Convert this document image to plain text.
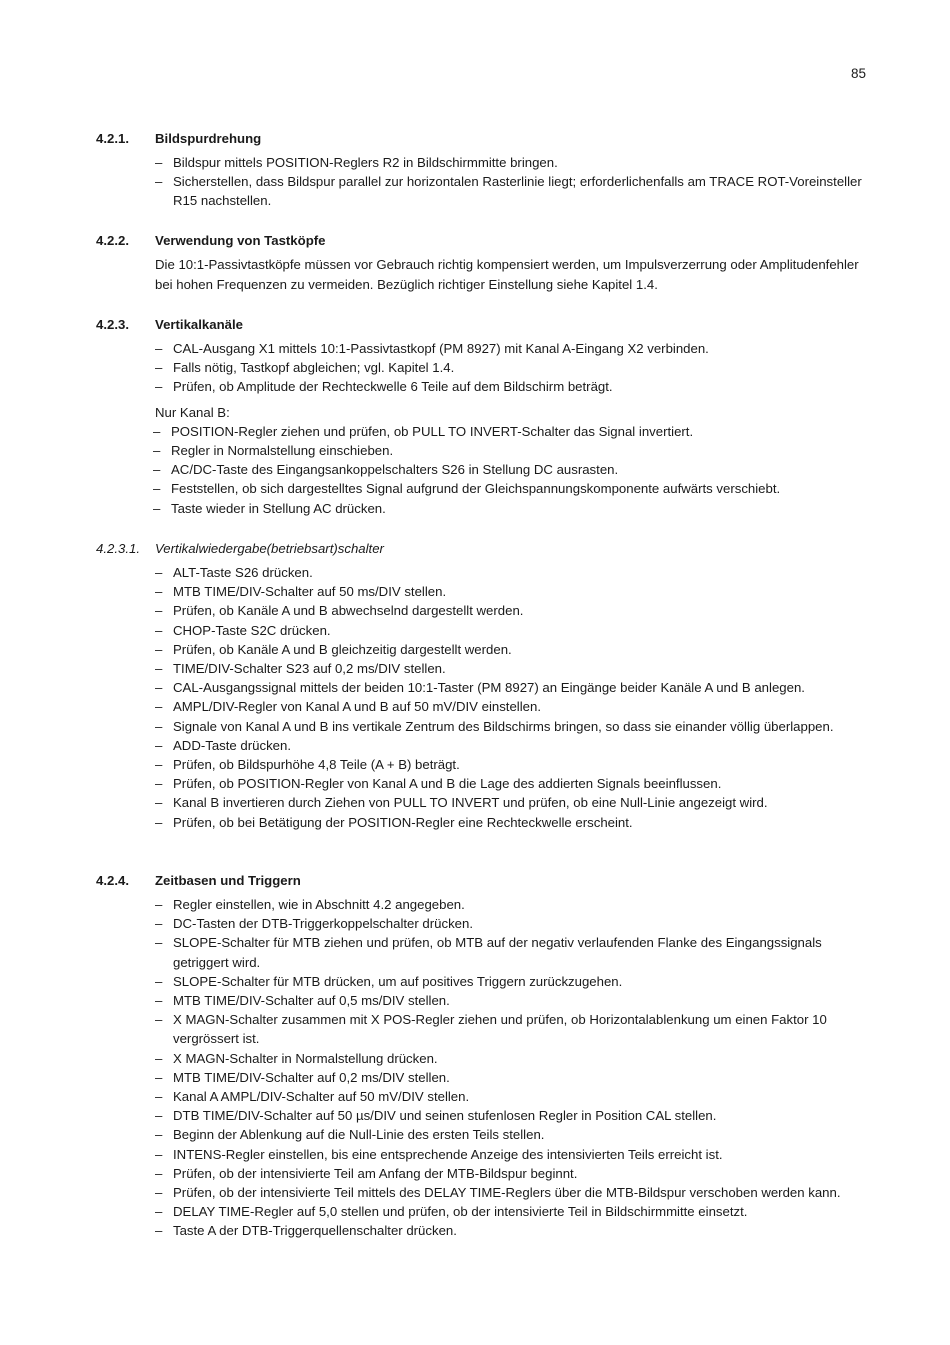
85
4.2.1. Bildspurdrehung
– Bildspur mittels POSITION-Reglers R2 in Bildschirmmitte bringen.
– Sicherstellen, dass Bildspur parallel zur horizontalen Rasterlinie liegt; erforderlichenfalls am TRACE ROT-Voreinsteller R15 nachstellen.
4.2.2. Verwendung von Tastköpfe

Die 10:1-Passivtastköpfe müssen vor Gebrauch richtig kompensiert werden, um Impulsverzerrung oder Amplitudenfehler bei hohen Frequenzen zu vermeiden. Bezüglich richtiger Einstellung siehe Kapitel 1.4.

4.2.3. Vertikalkanäle
– CAL-Ausgang X1 mittels 10:1-Passivtastkopf (PM 8927) mit Kanal A-Eingang X2 verbinden.
– Falls nötig, Tastkopf abgleichen; vgl. Kapitel 1.4.
– Prüfen, ob Amplitude der Rechteckwelle 6 Teile auf dem Bildschirm beträgt.
Nur Kanal B:
– POSITION-Regler ziehen und prüfen, ob PULL TO INVERT-Schalter das Signal invertiert.
– Regler in Normalstellung einschieben.
– AC/DC-Taste des Eingangsankoppelschalters S26 in Stellung DC ausrasten.
– Feststellen, ob sich dargestelltes Signal aufgrund der Gleichspannungskomponente aufwärts verschiebt.
– Taste wieder in Stellung AC drücken.
4.2.3.1. Vertikalwiedergabe(betriebsart)schalter
– ALT-Taste S26 drücken.
– MTB TIME/DIV-Schalter auf 50 ms/DIV stellen.
– Prüfen, ob Kanäle A und B abwechselnd dargestellt werden.
– CHOP-Taste S2C drücken.
– Prüfen, ob Kanäle A und B gleichzeitig dargestellt werden.
– TIME/DIV-Schalter S23 auf 0,2 ms/DIV stellen.
– CAL-Ausgangssignal mittels der beiden 10:1-Taster (PM 8927) an Eingänge beider Kanäle A und B anlegen.
– AMPL/DIV-Regler von Kanal A und B auf 50 mV/DIV einstellen.
– Signale von Kanal A und B ins vertikale Zentrum des Bildschirms bringen, so dass sie einander völlig überlappen.
– ADD-Taste drücken.
– Prüfen, ob Bildspurhöhe 4,8 Teile (A + B) beträgt.
– Prüfen, ob POSITION-Regler von Kanal A und B die Lage des addierten Signals beeinflussen.
– Kanal B invertieren durch Ziehen von PULL TO INVERT und prüfen, ob eine Null-Linie angezeigt wird.
– Prüfen, ob bei Betätigung der POSITION-Regler eine Rechteckwelle erscheint.
4.2.4. Zeitbasen und Triggern
– Regler einstellen, wie in Abschnitt 4.2 angegeben.
– DC-Tasten der DTB-Triggerkoppelschalter drücken.
– SLOPE-Schalter für MTB ziehen und prüfen, ob MTB auf der negativ verlaufenden Flanke des Eingangssignals getriggert wird.
– SLOPE-Schalter für MTB drücken, um auf positives Triggern zurückzugehen.
– MTB TIME/DIV-Schalter auf 0,5 ms/DIV stellen.
– X MAGN-Schalter zusammen mit X POS-Regler ziehen und prüfen, ob Horizontalablenkung um einen Faktor 10 vergrössert ist.
– X MAGN-Schalter in Normalstellung drücken.
– MTB TIME/DIV-Schalter auf 0,2 ms/DIV stellen.
– Kanal A AMPL/DIV-Schalter auf 50 mV/DIV stellen.
– DTB TIME/DIV-Schalter auf 50 µs/DIV und seinen stufenlosen Regler in Position CAL stellen.
– Beginn der Ablenkung auf die Null-Linie des ersten Teils stellen.
– INTENS-Regler einstellen, bis eine entsprechende Anzeige des intensivierten Teils erreicht ist.
– Prüfen, ob der intensivierte Teil am Anfang der MTB-Bildspur beginnt.
– Prüfen, ob der intensivierte Teil mittels des DELAY TIME-Reglers über die MTB-Bildspur verschoben werden kann.
– DELAY TIME-Regler auf 5,0 stellen und prüfen, ob der intensivierte Teil in Bildschirmmitte einsetzt.
– Taste A der DTB-Triggerquellenschalter drücken.
